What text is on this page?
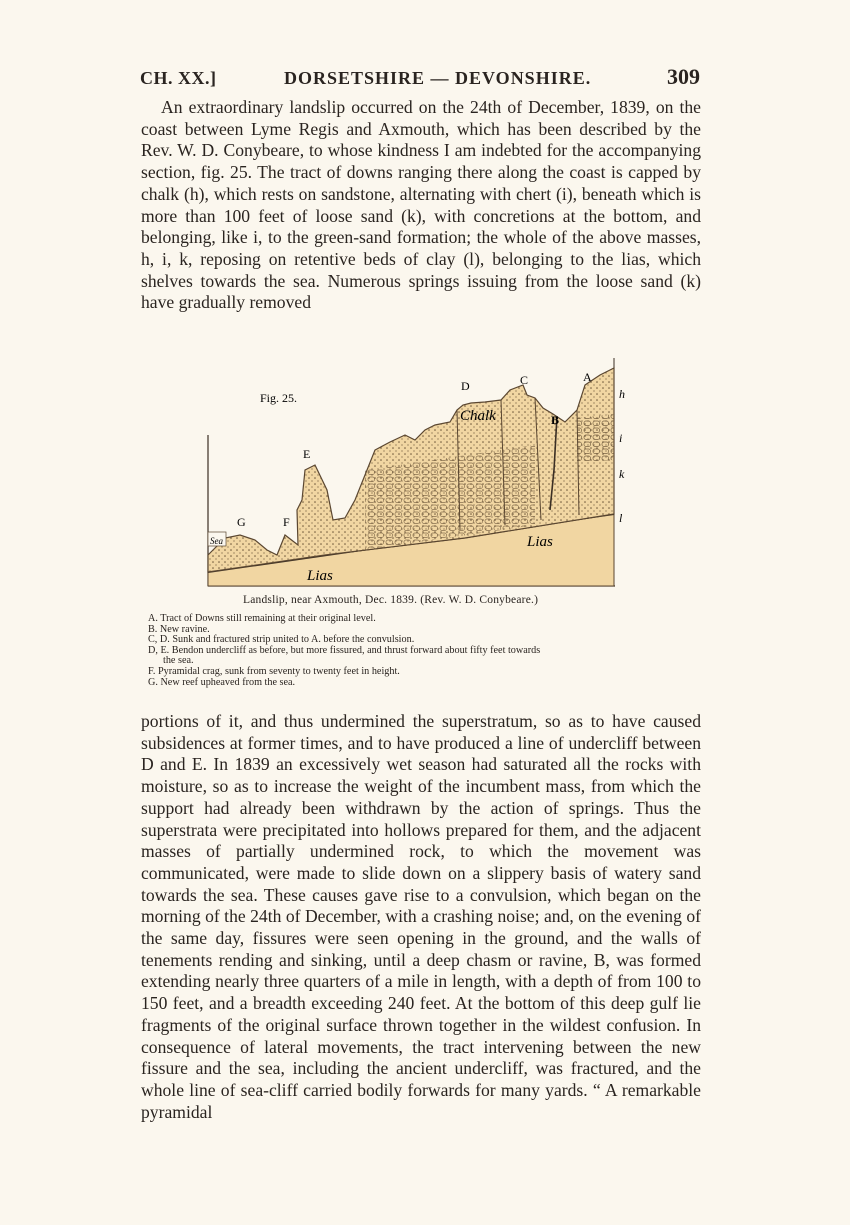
CH. XX.]	DORSETSHIRE — DEVONSHIRE.	309

An extraordinary landslip occurred on the 24th of December, 1839, on the coast between Lyme Regis and Axmouth, which has been described by the Rev. W. D. Conybeare, to whose kindness I am indebted for the accompanying section, fig. 25. The tract of downs ranging there along the coast is capped by chalk (h), which rests on sandstone, alternating with chert (i), beneath which is more than 100 feet of loose sand (k), with concretions at the bottom, and belonging, like i, to the green-sand formation; the whole of the above masses, h, i, k, reposing on retentive beds of clay (l), belonging to the lias, which shelves towards the sea. Numerous springs issuing from the loose sand (k) have gradually removed

Fig. 25.
A
B
C
D
E
F
G
h
i
k
l
Chalk
Sea	Lias
Lias
Landslip, near Axmouth, Dec. 1839. (Rev. W. D. Conybeare.)
A. Tract of Downs still remaining at their original level.
B. New ravine.
C, D. Sunk and fractured strip united to A. before the convulsion.
D, E. Bendon undercliff as before, but more fissured, and thrust forward about fifty feet towards
the sea.
F. Pyramidal crag, sunk from seventy to twenty feet in height.
G. New reef upheaved from the sea.

portions of it, and thus undermined the superstratum, so as to have caused subsidences at former times, and to have produced a line of undercliff between D and E. In 1839 an excessively wet season had saturated all the rocks with moisture, so as to increase the weight of the incumbent mass, from which the support had already been withdrawn by the action of springs. Thus the superstrata were precipitated into hollows prepared for them, and the adjacent masses of partially undermined rock, to which the movement was communicated, were made to slide down on a slippery basis of watery sand towards the sea. These causes gave rise to a convulsion, which began on the morning of the 24th of December, with a crashing noise; and, on the evening of the same day, fissures were seen opening in the ground, and the walls of tenements rending and sinking, until a deep chasm or ravine, B, was formed extending nearly three quarters of a mile in length, with a depth of from 100 to 150 feet, and a breadth exceeding 240 feet. At the bottom of this deep gulf lie fragments of the original surface thrown together in the wildest confusion. In consequence of lateral movements, the tract intervening between the new fissure and the sea, including the ancient undercliff, was fractured, and the whole line of sea-cliff carried bodily forwards for many yards. “ A remarkable pyramidal
